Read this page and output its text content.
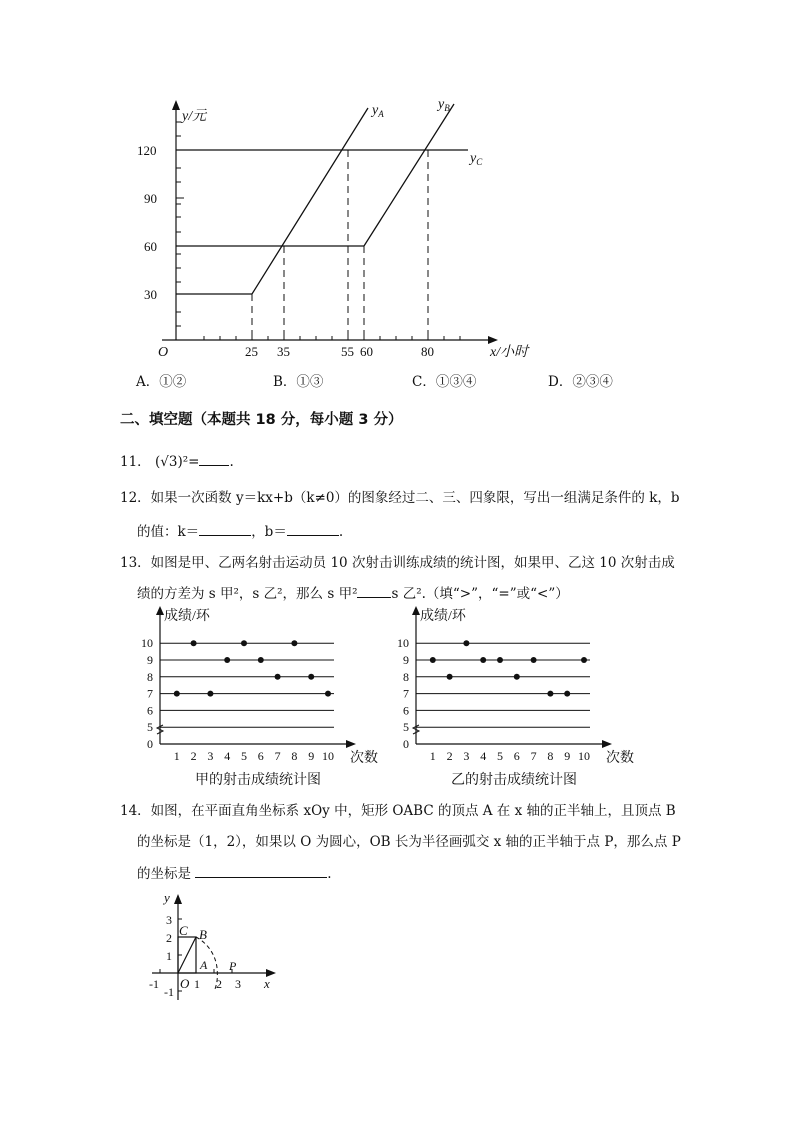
y/元
x/小时
O
30
60
90
120
25 35	55 60	80
$y_A$
$y_B$
$y_C$
A．①②	B．①③	C．①③④	D．②③④
二、填空题（本题共 18 分，每小题 3 分）
11． (√3)²= .
12．如果一次函数 y＝kx+b（k≠0）的图象经过二、三、四象限，写出一组满足条件的 k，b
的值：k＝	，b＝	.
13．如图是甲、乙两名射击运动员 10 次射击训练成绩的统计图，如果甲、乙这 10 次射击成
绩的方差为 s 甲²，s 乙²，那么 s 甲²	s 乙².（填“>”，“=”或“<”）
0
5
6
7
8
9
10
1 2 3 4 5 6 7 8 9 10
成绩/环
次数
甲的射击成绩统计图
0
5
6
7
8
9
10
1 2 3 4 5 6 7 8 9 10
成绩/环
次数
乙的射击成绩统计图
14．如图，在平面直角坐标系 xOy 中，矩形 OABC 的顶点 A 在 x 轴的正半轴上，且顶点 B
的坐标是（1，2），如果以 O 为圆心，OB 长为半径画弧交 x 轴的正半轴于点 P，那么点 P
的坐标是	.
y
x
O
C B
A P
3
2
1
-1
-1	1 2 3
